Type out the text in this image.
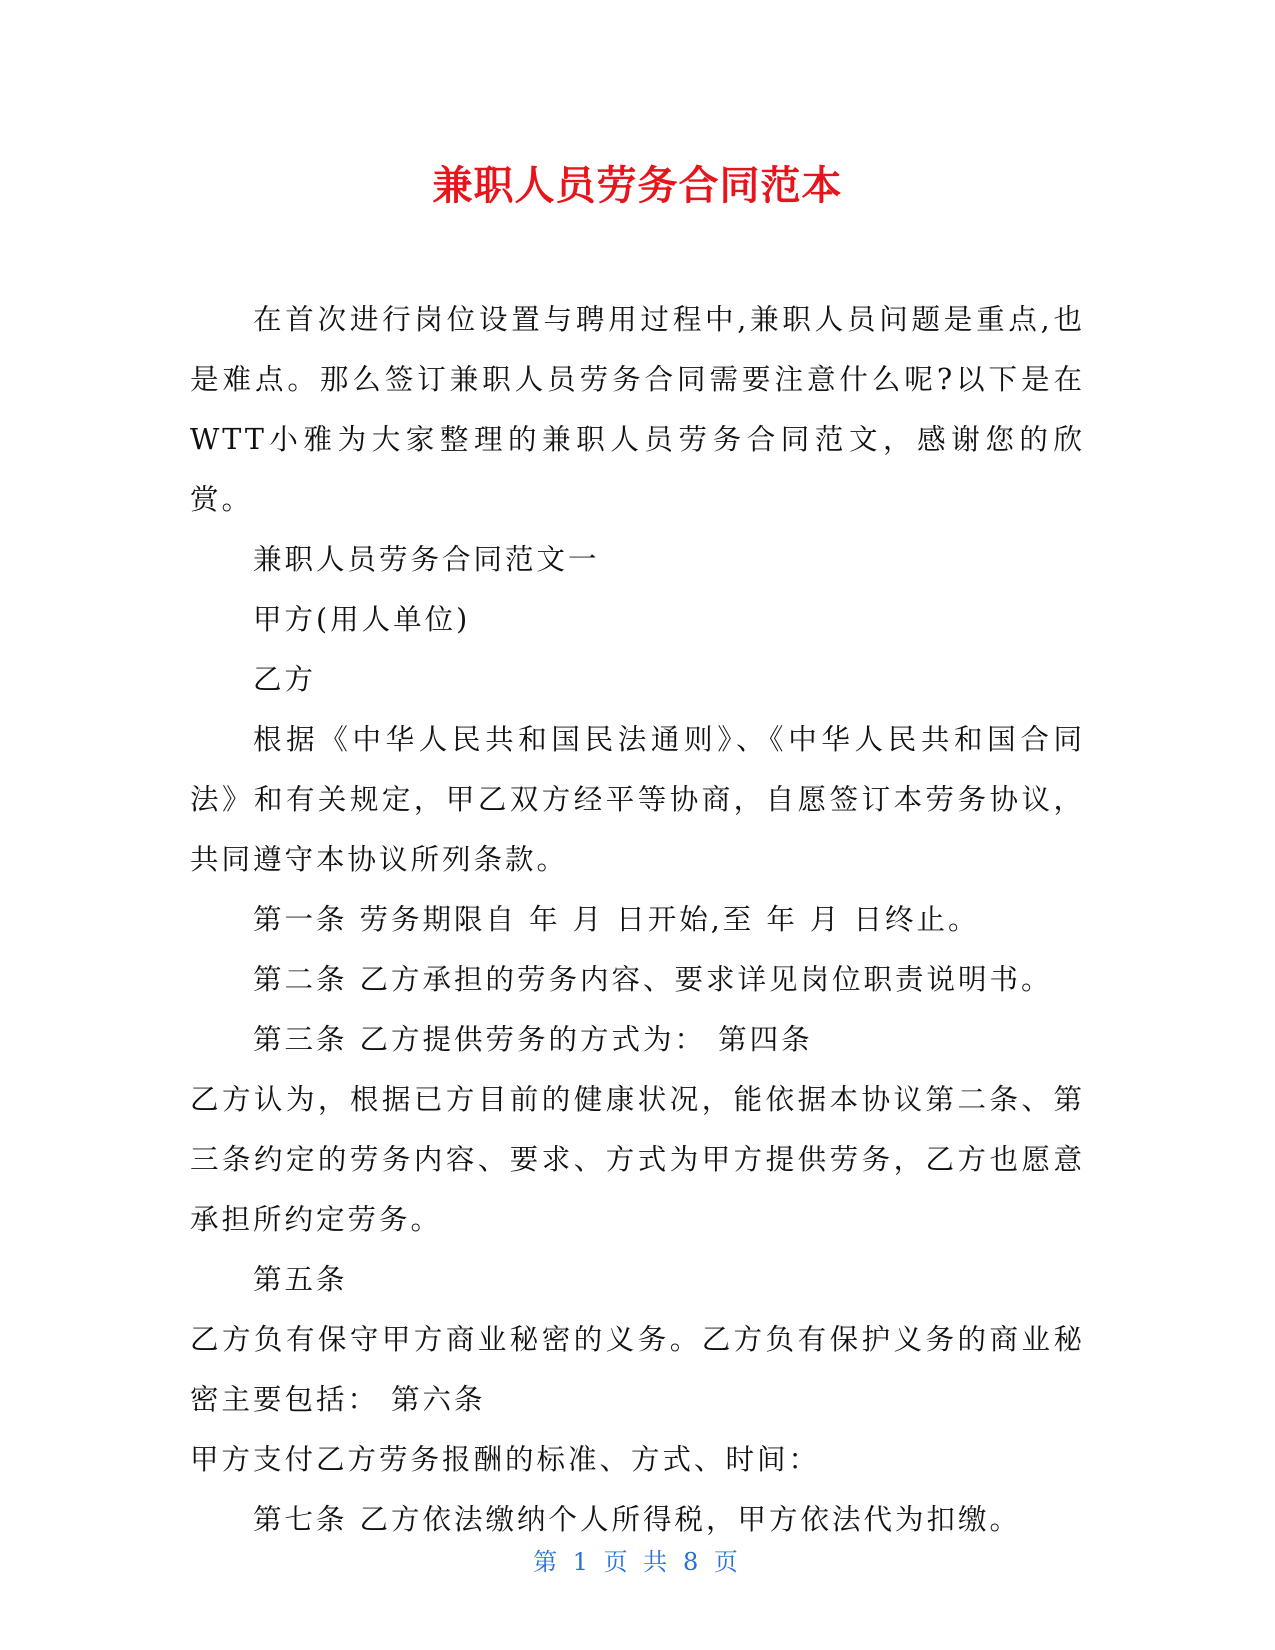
兼职人员劳务合同范本

在首次进行岗位设置与聘用过程中,兼职人员问题是重点,也是难点。那么签订兼职人员劳务合同需要注意什么呢?以下是在WTT小雅为大家整理的兼职人员劳务合同范文，感谢您的欣赏。

兼职人员劳务合同范文一

甲方(用人单位)

乙方

根据《中华人民共和国民法通则》、《中华人民共和国合同法》和有关规定，甲乙双方经平等协商，自愿签订本劳务协议，共同遵守本协议所列条款。

第一条 劳务期限自 年 月 日开始,至 年 月 日终止。

第二条 乙方承担的劳务内容、要求详见岗位职责说明书。

第三条 乙方提供劳务的方式为： 第四条

乙方认为，根据已方目前的健康状况，能依据本协议第二条、第三条约定的劳务内容、要求、方式为甲方提供劳务，乙方也愿意承担所约定劳务。

第五条

乙方负有保守甲方商业秘密的义务。乙方负有保护义务的商业秘密主要包括： 第六条

甲方支付乙方劳务报酬的标准、方式、时间：

第七条 乙方依法缴纳个人所得税，甲方依法代为扣缴。

第 1 页 共 8 页
